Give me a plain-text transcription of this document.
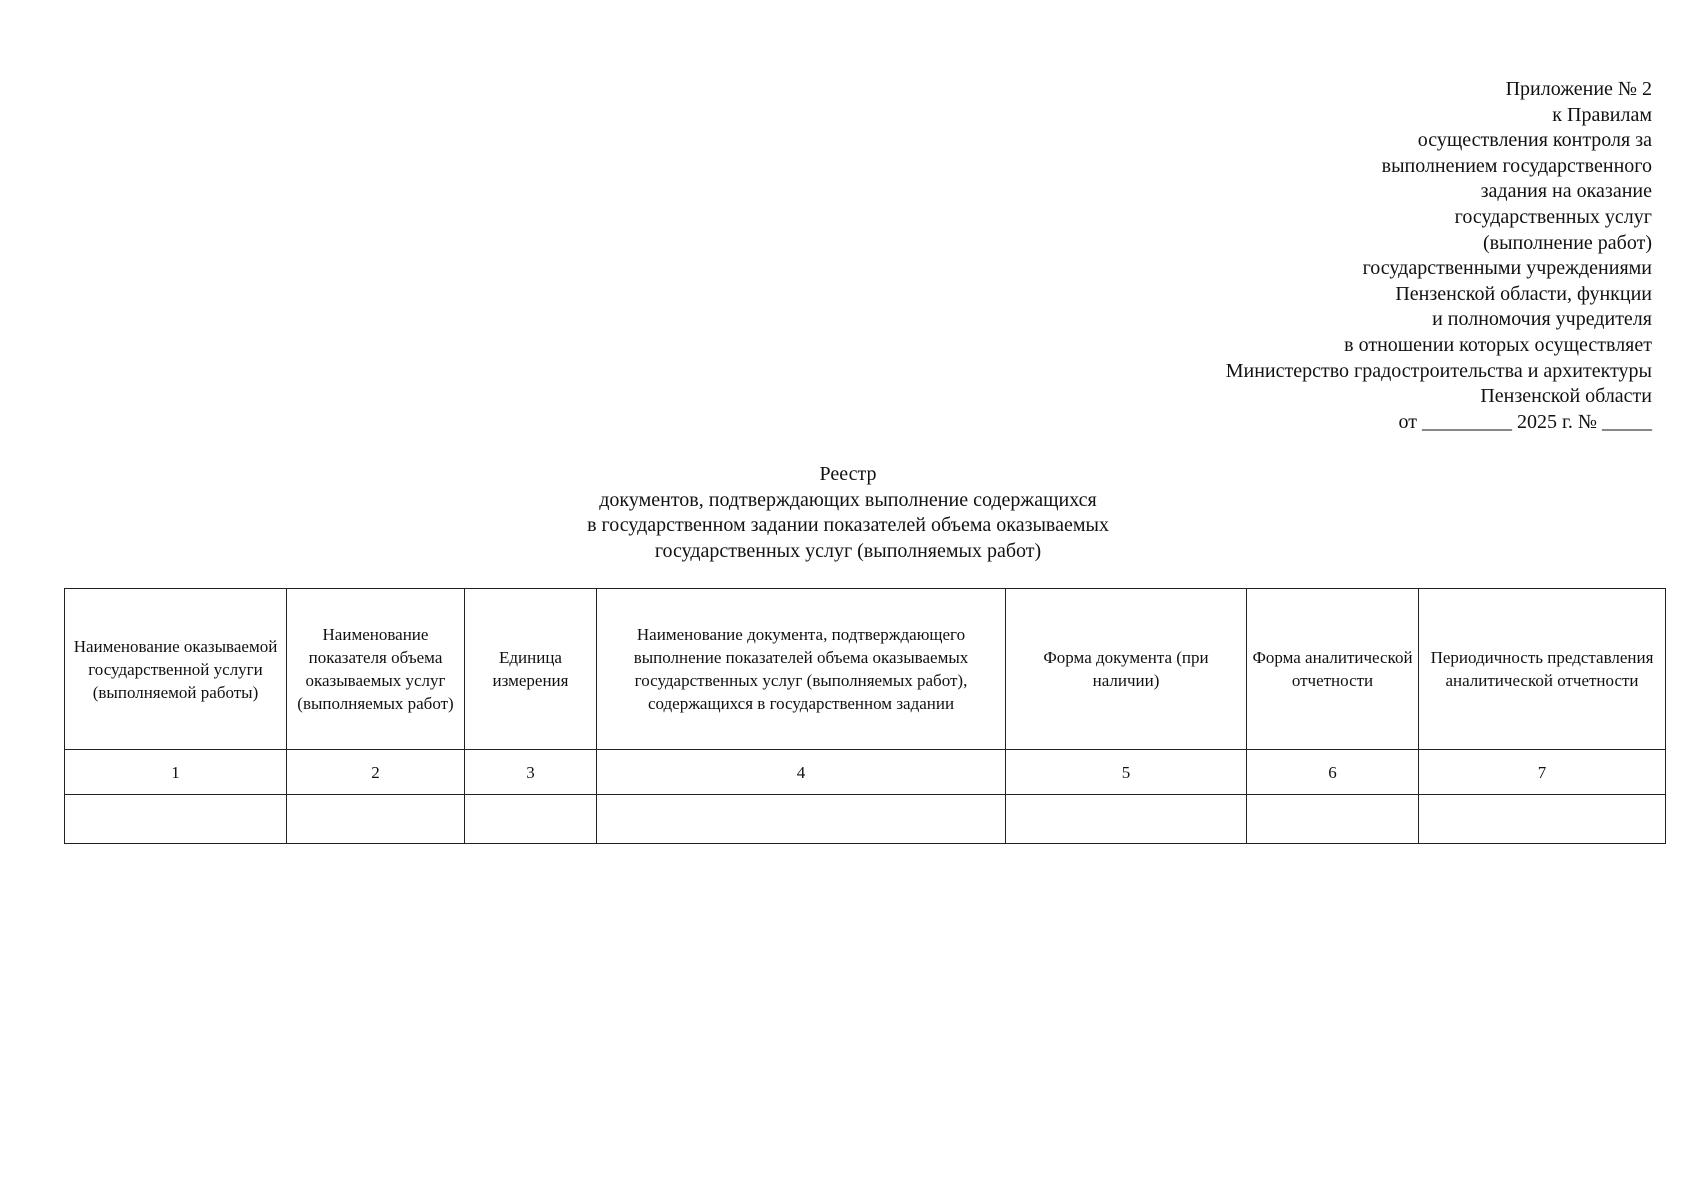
Приложение № 2
к Правилам
осуществления контроля за
выполнением государственного
задания на оказание
государственных услуг
(выполнение работ)
государственными учреждениями
Пензенской области, функции
и полномочия учредителя
в отношении которых осуществляет
Министерство градостроительства и архитектуры
Пензенской области
от _________ 2025 г. № _____
Реестр
документов, подтверждающих выполнение содержащихся
в государственном задании показателей объема оказываемых
государственных услуг (выполняемых работ)
Наименование оказываемой государственной услуги (выполняемой работы)	Наименование показателя объема оказываемых услуг (выполняемых работ)	Единица измерения	Наименование документа, подтверждающего выполнение показателей объема оказываемых государственных услуг (выполняемых работ), содержащихся в государственном задании	Форма документа (при наличии)	Форма аналитической отчетности	Периодичность представления аналитической отчетности
1	2	3	4	5	6	7
